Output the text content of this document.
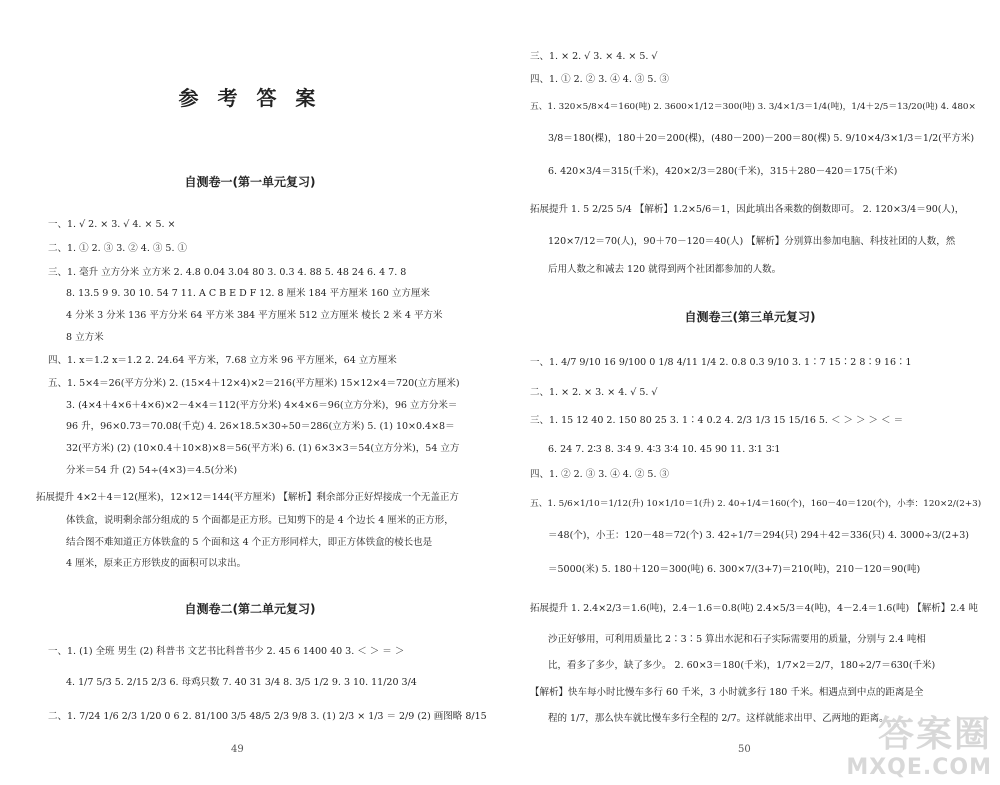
参 考 答 案
自测卷一(第一单元复习)
一、1. √ 2. × 3. √ 4. × 5. ×
二、1. ① 2. ③ 3. ② 4. ③ 5. ①
三、1. 毫升 立方分米 立方米 2. 4.8 0.04 3.04 80 3. 0.3 4. 88 5. 48 24 6. 4 7. 8
8. 13.5 9 9. 30 10. 54 7 11. A C B E D F 12. 8 厘米 184 平方厘米 160 立方厘米
4 分米 3 分米 136 平方分米 64 平方米 384 平方厘米 512 立方厘米 棱长 2 米 4 平方米
8 立方米
四、1. x＝1.2 x＝1.2 2. 24.64 平方米，7.68 立方米 96 平方厘米，64 立方厘米
五、1. 5×4＝26(平方分米) 2. (15×4＋12×4)×2＝216(平方厘米) 15×12×4＝720(立方厘米)
3. (4×4＋4×6＋4×6)×2－4×4＝112(平方分米) 4×4×6＝96(立方分米)，96 立方分米＝
96 升，96×0.73＝70.08(千克) 4. 26×18.5×30÷50＝286(立方米) 5. (1) 10×0.4×8＝
32(平方米) (2) (10×0.4＋10×8)×8＝56(平方米) 6. (1) 6×3×3＝54(立方分米)，54 立方
分米＝54 升 (2) 54÷(4×3)＝4.5(分米)
拓展提升 4×2＋4＝12(厘米)，12×12＝144(平方厘米) 【解析】剩余部分正好焊接成一个无盖正方
体铁盒，说明剩余部分组成的 5 个面都是正方形。已知剪下的是 4 个边长 4 厘米的正方形，
结合图不难知道正方体铁盒的 5 个面和这 4 个正方形同样大，即正方体铁盒的棱长也是
4 厘米，原来正方形铁皮的面积可以求出。
自测卷二(第二单元复习)
一、1. (1) 全班 男生 (2) 科普书 文艺书比科普书少 2. 45 6 1400 40 3. ＜ ＞ ＝ ＞
4. 1/7 5/3 5. 2/15 2/3 6. 母鸡只数 7. 40 31 3/4 8. 3/5 1/2 9. 3 10. 11/20 3/4
二、1. 7/24 1/6 2/3 1/20 0 6 2. 81/100 3/5 48/5 2/3 9/8 3. (1) 2/3 × 1/3 ＝ 2/9 (2) 画图略 8/15
49
三、1. × 2. √ 3. × 4. × 5. √
四、1. ① 2. ② 3. ④ 4. ③ 5. ③
五、1. 320×5/8×4＝160(吨) 2. 3600×1/12＝300(吨) 3. 3/4×1/3＝1/4(吨)，1/4＋2/5＝13/20(吨) 4. 480×
3/8＝180(棵)，180＋20＝200(棵)，(480－200)－200＝80(棵) 5. 9/10×4/3×1/3＝1/2(平方米)
6. 420×3/4＝315(千米)，420×2/3＝280(千米)，315＋280－420＝175(千米)
拓展提升 1. 5 2/25 5/4 【解析】1.2×5/6＝1，因此填出各乘数的倒数即可。 2. 120×3/4＝90(人)，
120×7/12＝70(人)，90＋70－120＝40(人) 【解析】分别算出参加电脑、科技社团的人数，然
后用人数之和减去 120 就得到两个社团都参加的人数。
自测卷三(第三单元复习)
一、1. 4/7 9/10 16 9/100 0 1/8 4/11 1/4 2. 0.8 0.3 9/10 3. 1∶7 15∶2 8∶9 16∶1
二、1. × 2. × 3. × 4. √ 5. √
三、1. 15 12 40 2. 150 80 25 3. 1∶4 0.2 4. 2/3 1/3 15 15/16 5. ＜ ＞ ＞ ＞ ＜ ＝
6. 24 7. 2∶3 8. 3∶4 9. 4∶3 3∶4 10. 45 90 11. 3∶1 3∶1
四、1. ② 2. ③ 3. ④ 4. ② 5. ③
五、1. 5/6×1/10＝1/12(升) 10×1/10＝1(升) 2. 40÷1/4＝160(个)，160－40＝120(个)，小李：120×2/(2+3)
＝48(个)，小王：120－48＝72(个) 3. 42÷1/7＝294(只) 294＋42＝336(只) 4. 3000÷3/(2+3)
＝5000(米) 5. 180＋120＝300(吨) 6. 300×7/(3+7)＝210(吨)，210－120＝90(吨)
拓展提升 1. 2.4×2/3＝1.6(吨)，2.4－1.6＝0.8(吨) 2.4×5/3＝4(吨)，4－2.4＝1.6(吨) 【解析】2.4 吨
沙正好够用，可利用质量比 2∶3∶5 算出水泥和石子实际需要用的质量，分别与 2.4 吨相
比，看多了多少，缺了多少。 2. 60×3＝180(千米)，1/7×2＝2/7，180÷2/7＝630(千米)
【解析】快车每小时比慢车多行 60 千米，3 小时就多行 180 千米。相遇点到中点的距离是全
程的 1/7，那么快车就比慢车多行全程的 2/7。这样就能求出甲、乙两地的距离。
50	答案圈
MXQE.COM
